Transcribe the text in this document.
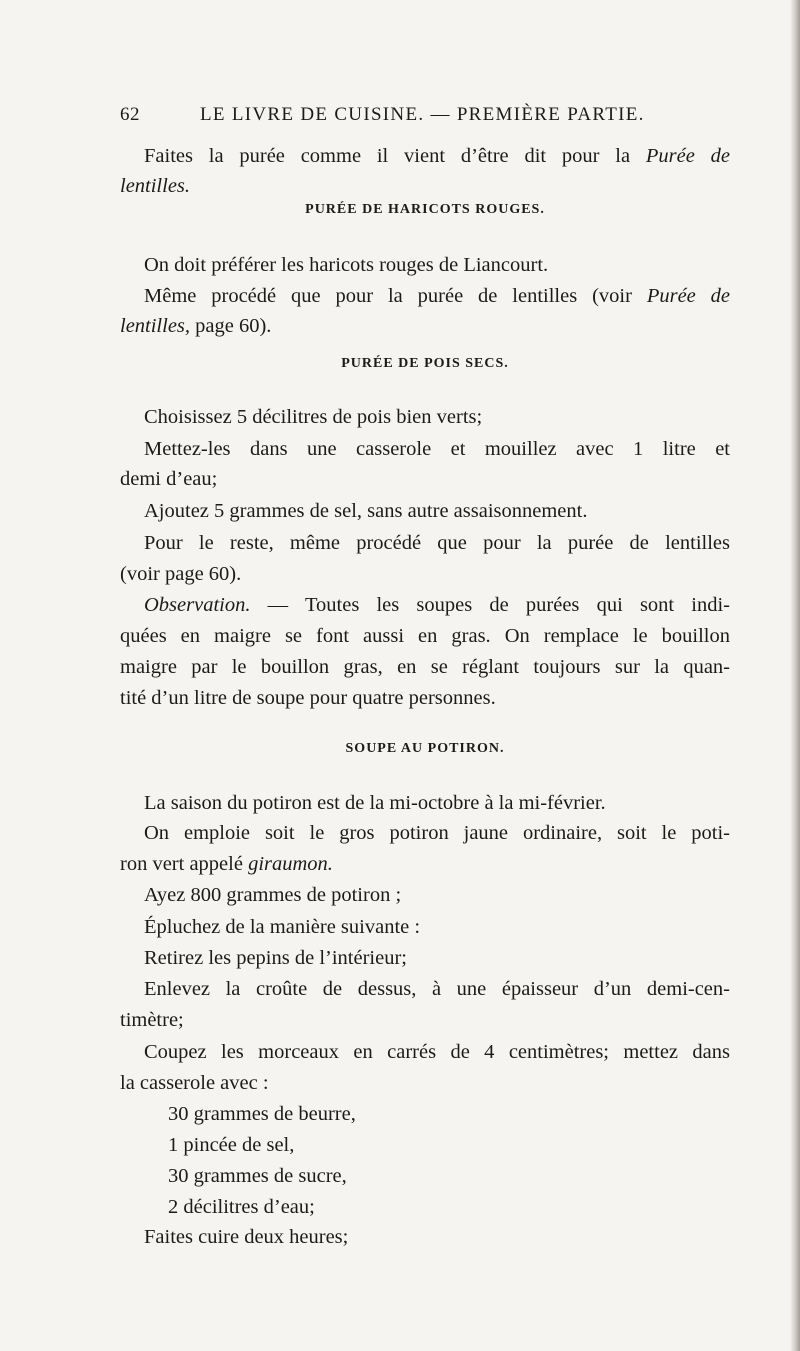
62	LE LIVRE DE CUISINE. — PREMIÈRE PARTIE.
Faites la purée comme il vient d’être dit pour la Purée de
lentilles.
PURÉE DE HARICOTS ROUGES.
On doit préférer les haricots rouges de Liancourt.
Même procédé que pour la purée de lentilles (voir Purée de
lentilles, page 60).
PURÉE DE POIS SECS.
Choisissez 5 décilitres de pois bien verts;
Mettez-les dans une casserole et mouillez avec 1 litre et
demi d’eau;
Ajoutez 5 grammes de sel, sans autre assaisonnement.
Pour le reste, même procédé que pour la purée de lentilles
(voir page 60).
Observation. — Toutes les soupes de purées qui sont indi-
quées en maigre se font aussi en gras. On remplace le bouillon
maigre par le bouillon gras, en se réglant toujours sur la quan-
tité d’un litre de soupe pour quatre personnes.
SOUPE AU POTIRON.
La saison du potiron est de la mi-octobre à la mi-février.
On emploie soit le gros potiron jaune ordinaire, soit le poti-
ron vert appelé giraumon.
Ayez 800 grammes de potiron ;
Épluchez de la manière suivante :
Retirez les pepins de l’intérieur;
Enlevez la croûte de dessus, à une épaisseur d’un demi-cen-
timètre;
Coupez les morceaux en carrés de 4 centimètres; mettez dans
la casserole avec :
30 grammes de beurre,
1 pincée de sel,
30 grammes de sucre,
2 décilitres d’eau;
Faites cuire deux heures;
